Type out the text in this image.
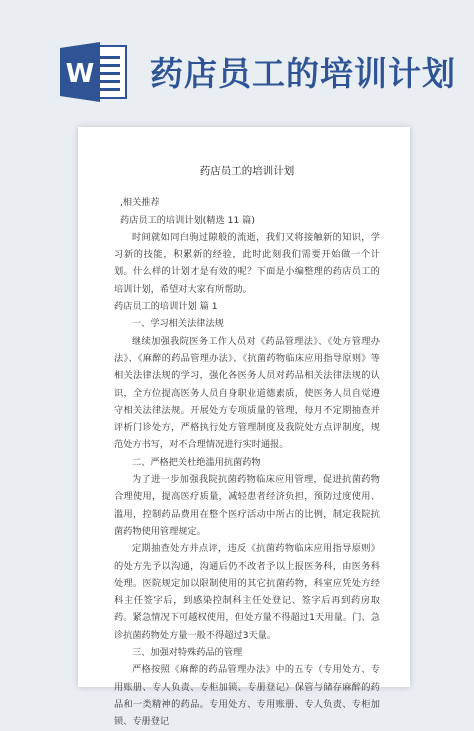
W 药店员工的培训计划
药店员工的培训计划
,相关推荐
药店员工的培训计划(精选 11 篇)
时间就如同白驹过隙般的流逝，我们又将接触新的知识，学习新的技能，积累新的经验，此时此刻我们需要开始做一个计划。什么样的计划才是有效的呢？下面是小编整理的药店员工的培训计划，希望对大家有所帮助。
药店员工的培训计划 篇 1
一、学习相关法律法规
继续加强我院医务工作人员对《药品管理法》、《处方管理办法》、《麻醉的药品管理办法》、《抗菌药物临床应用指导原则》等相关法律法规的学习，强化各医务人员对药品相关法律法规的认识，全方位提高医务人员自身职业道德素质，使医务人员自觉遵守相关法律法规。开展处方专项质量的管理，每月不定期抽查并评析门诊处方，严格执行处方管理制度及我院处方点评制度，规范处方书写，对不合理情况进行实时通报。
二、严格把关杜绝滥用抗菌药物
为了进一步加强我院抗菌药物临床应用管理，促进抗菌药物合理使用，提高医疗质量，减轻患者经济负担，预防过度使用、滥用，控制药品费用在整个医疗活动中所占的比例，制定我院抗菌药物使用管理规定。
定期抽查处方并点评，违反《抗菌药物临床应用指导原则》的处方先予以沟通，沟通后仍不改者予以上报医务科，由医务科处理。医院规定加以限制使用的其它抗菌药物，科室应凭处方经科主任签字后，到感染控制科主任处登记、签字后再到药房取药。紧急情况下可越权使用，但处方量不得超过1天用量。门、急诊抗菌药物处方量一般不得超过3天量。
三、加强对特殊药品的管理
严格按照《麻醉的药品管理办法》中的五专（专用处方、专用账册、专人负责、专柜加锁、专册登记）保管与储存麻醉的药品和一类精神的药品。专用处方、专用账册、专人负责、专柜加锁、专册登记
